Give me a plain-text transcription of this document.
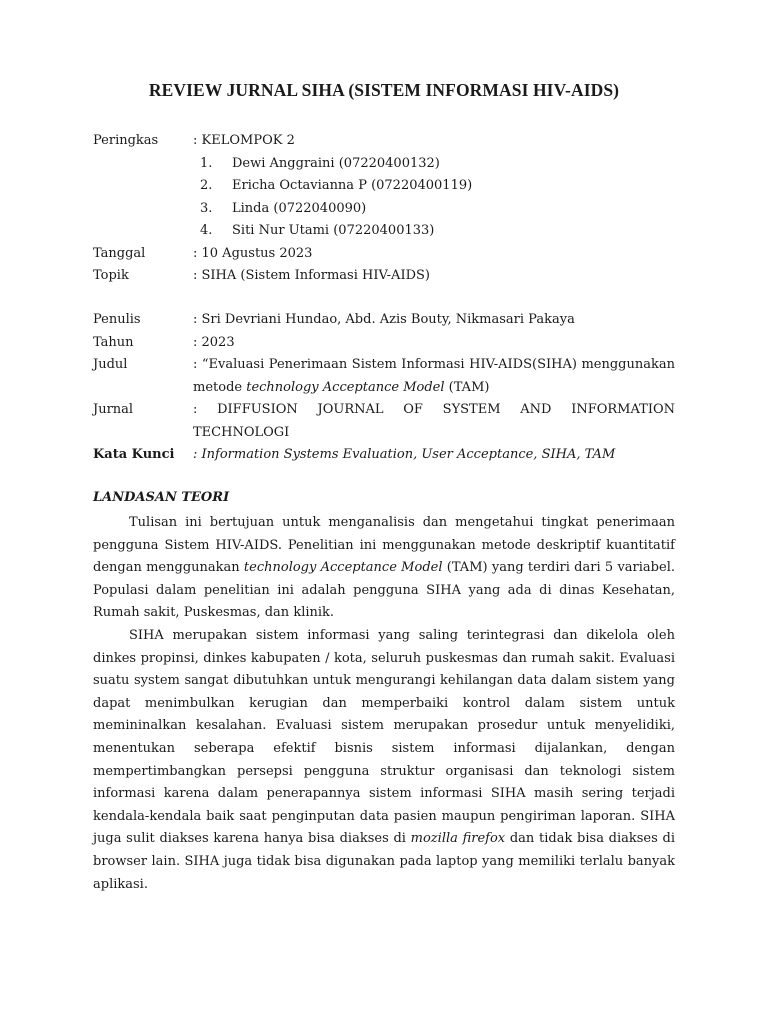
REVIEW JURNAL SIHA (SISTEM INFORMASI HIV-AIDS)
Peringkas	: KELOMPOK 2
1.	Dewi Anggraini (07220400132)
2.	Ericha Octavianna P (07220400119)
3.	Linda (0722040090)
4.	Siti Nur Utami (07220400133)
Tanggal	: 10 Agustus 2023
Topik	: SIHA (Sistem Informasi HIV-AIDS)
Penulis	: Sri Devriani Hundao, Abd. Azis Bouty, Nikmasari Pakaya
Tahun	: 2023
Judul	: “Evaluasi Penerimaan Sistem Informasi HIV-AIDS(SIHA) menggunakan
metode technology Acceptance Model (TAM)
Jurnal	: DIFFUSION JOURNAL OF SYSTEM AND INFORMATION
TECHNOLOGI
Kata Kunci	: Information Systems Evaluation, User Acceptance, SIHA, TAM
LANDASAN TEORI

Tulisan ini bertujuan untuk menganalisis dan mengetahui tingkat penerimaan pengguna Sistem HIV-AIDS. Penelitian ini menggunakan metode deskriptif kuantitatif dengan menggunakan technology Acceptance Model (TAM) yang terdiri dari 5 variabel. Populasi dalam penelitian ini adalah pengguna SIHA yang ada di dinas Kesehatan, Rumah sakit, Puskesmas, dan klinik.

SIHA merupakan sistem informasi yang saling terintegrasi dan dikelola oleh dinkes propinsi, dinkes kabupaten / kota, seluruh puskesmas dan rumah sakit. Evaluasi suatu system sangat dibutuhkan untuk mengurangi kehilangan data dalam sistem yang dapat menimbulkan kerugian dan memperbaiki kontrol dalam sistem untuk memininalkan kesalahan. Evaluasi sistem merupakan prosedur untuk menyelidiki, menentukan seberapa efektif bisnis sistem informasi dijalankan, dengan mempertimbangkan persepsi pengguna struktur organisasi dan teknologi sistem informasi karena dalam penerapannya sistem informasi SIHA masih sering terjadi kendala-kendala baik saat penginputan data pasien maupun pengiriman laporan. SIHA juga sulit diakses karena hanya bisa diakses di mozilla firefox dan tidak bisa diakses di browser lain. SIHA juga tidak bisa digunakan pada laptop yang memiliki terlalu banyak aplikasi.
